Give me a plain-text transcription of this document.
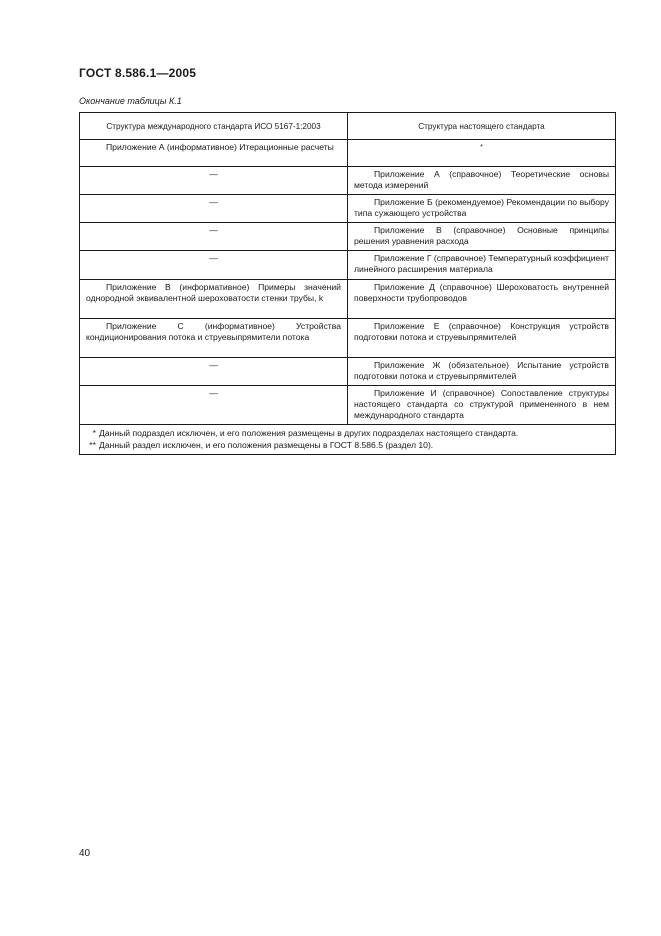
ГОСТ 8.586.1—2005
Окончание таблицы К.1
Структура международного стандарта ИСО 5167-1:2003	Структура настоящего стандарта

Приложение А (информативное) Итерационные расчеты	*
—	Приложение А (справочное) Теоретические основы метода измерений

—	Приложение Б (рекомендуемое) Рекомендации по выбору типа сужающего устройства

—	Приложение В (справочное) Основные принципы решения уравнения расхода

—	Приложение Г (справочное) Температурный коэффициент линейного расширения материала

Приложение В (информативное) Примеры значений однородной эквивалентной шероховатости стенки трубы, k	Приложение Д (справочное) Шероховатость внутренней поверхности трубопроводов

Приложение С (информативное) Устройства кондиционирования потока и струевыпрямители потока	Приложение Е (справочное) Конструкция устройств подготовки потока и струевыпрямителей

—	Приложение Ж (обязательное) Испытание устройств подготовки потока и струевыпрямителей

—	Приложение И (справочное) Сопоставление структуры настоящего стандарта со структурой примененного в нем международного стандарта

* Данный подраздел исключен, и его положения размещены в других подразделах настоящего стандарта.
** Данный раздел исключен, и его положения размещены в ГОСТ 8.586.5 (раздел 10).	
40
